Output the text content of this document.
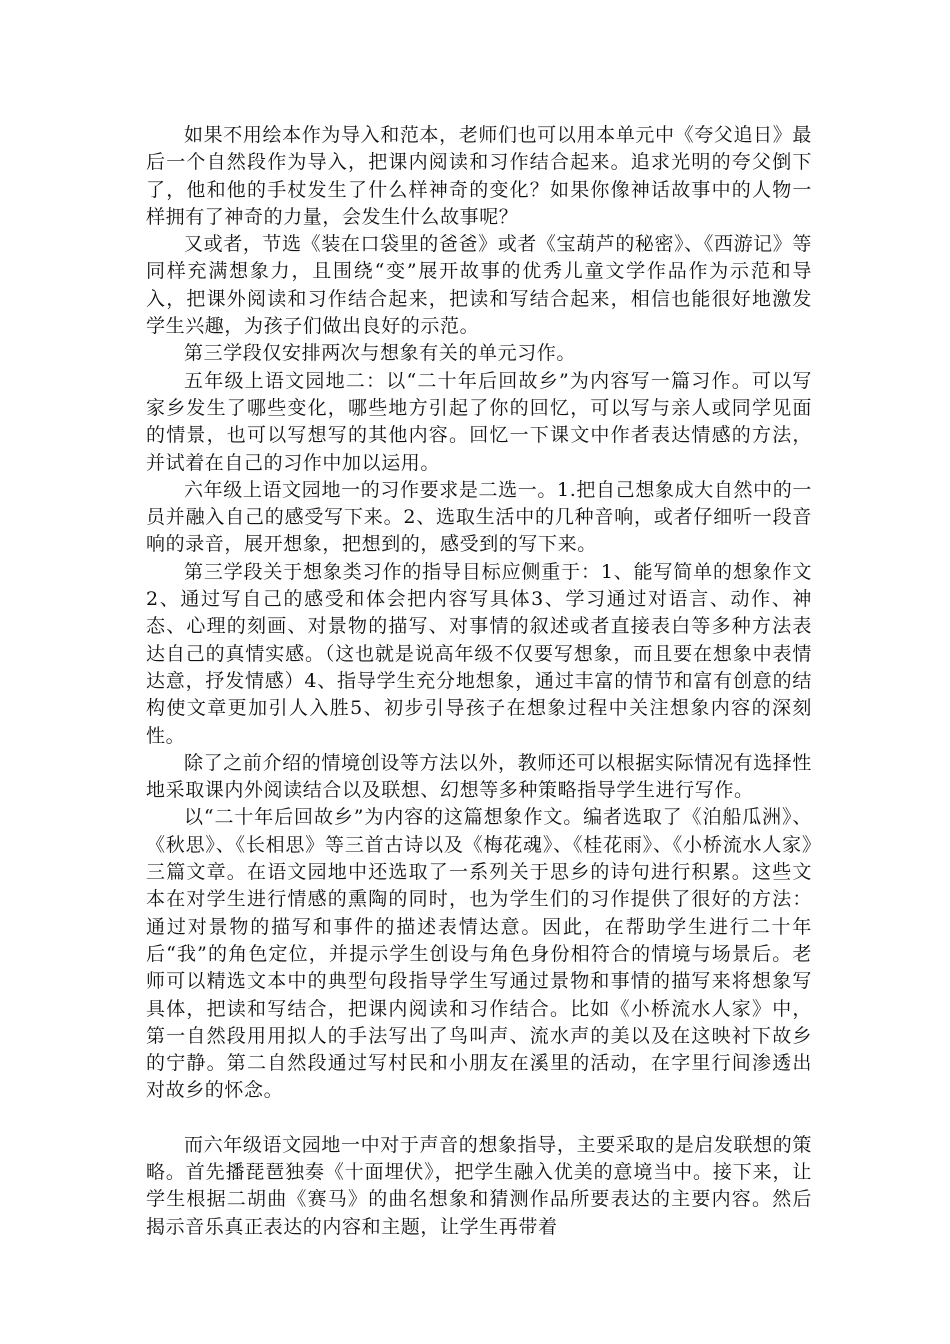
如果不用绘本作为导入和范本，老师们也可以用本单元中《夸父追日》最后一个自然段作为导入，把课内阅读和习作结合起来。追求光明的夸父倒下了，他和他的手杖发生了什么样神奇的变化？如果你像神话故事中的人物一样拥有了神奇的力量，会发生什么故事呢？

又或者，节选《装在口袋里的爸爸》或者《宝葫芦的秘密》、《西游记》等同样充满想象力，且围绕“变”展开故事的优秀儿童文学作品作为示范和导入，把课外阅读和习作结合起来，把读和写结合起来，相信也能很好地激发学生兴趣，为孩子们做出良好的示范。

第三学段仅安排两次与想象有关的单元习作。

五年级上语文园地二：以“二十年后回故乡”为内容写一篇习作。可以写家乡发生了哪些变化，哪些地方引起了你的回忆，可以写与亲人或同学见面的情景，也可以写想写的其他内容。回忆一下课文中作者表达情感的方法，并试着在自己的习作中加以运用。

六年级上语文园地一的习作要求是二选一。1.把自己想象成大自然中的一员并融入自己的感受写下来。2、选取生活中的几种音响，或者仔细听一段音响的录音，展开想象，把想到的，感受到的写下来。

第三学段关于想象类习作的指导目标应侧重于：1、能写简单的想象作文2、通过写自己的感受和体会把内容写具体3、学习通过对语言、动作、神态、心理的刻画、对景物的描写、对事情的叙述或者直接表白等多种方法表达自己的真情实感。（这也就是说高年级不仅要写想象，而且要在想象中表情达意，抒发情感）4、指导学生充分地想象，通过丰富的情节和富有创意的结构使文章更加引人入胜5、初步引导孩子在想象过程中关注想象内容的深刻性。

除了之前介绍的情境创设等方法以外，教师还可以根据实际情况有选择性地采取课内外阅读结合以及联想、幻想等多种策略指导学生进行写作。

以“二十年后回故乡”为内容的这篇想象作文。编者选取了《泊船瓜洲》、《秋思》、《长相思》等三首古诗以及《梅花魂》、《桂花雨》、《小桥流水人家》三篇文章。在语文园地中还选取了一系列关于思乡的诗句进行积累。这些文本在对学生进行情感的熏陶的同时，也为学生们的习作提供了很好的方法：通过对景物的描写和事件的描述表情达意。因此，在帮助学生进行二十年后“我”的角色定位，并提示学生创设与角色身份相符合的情境与场景后。老师可以精选文本中的典型句段指导学生写通过景物和事情的描写来将想象写具体，把读和写结合，把课内阅读和习作结合。比如《小桥流水人家》中，第一自然段用用拟人的手法写出了鸟叫声、流水声的美以及在这映衬下故乡的宁静。第二自然段通过写村民和小朋友在溪里的活动，在字里行间渗透出对故乡的怀念。

而六年级语文园地一中对于声音的想象指导，主要采取的是启发联想的策略。首先播琵琶独奏《十面埋伏》，把学生融入优美的意境当中。接下来，让学生根据二胡曲《赛马》的曲名想象和猜测作品所要表达的主要内容。然后揭示音乐真正表达的内容和主题，让学生再带着
